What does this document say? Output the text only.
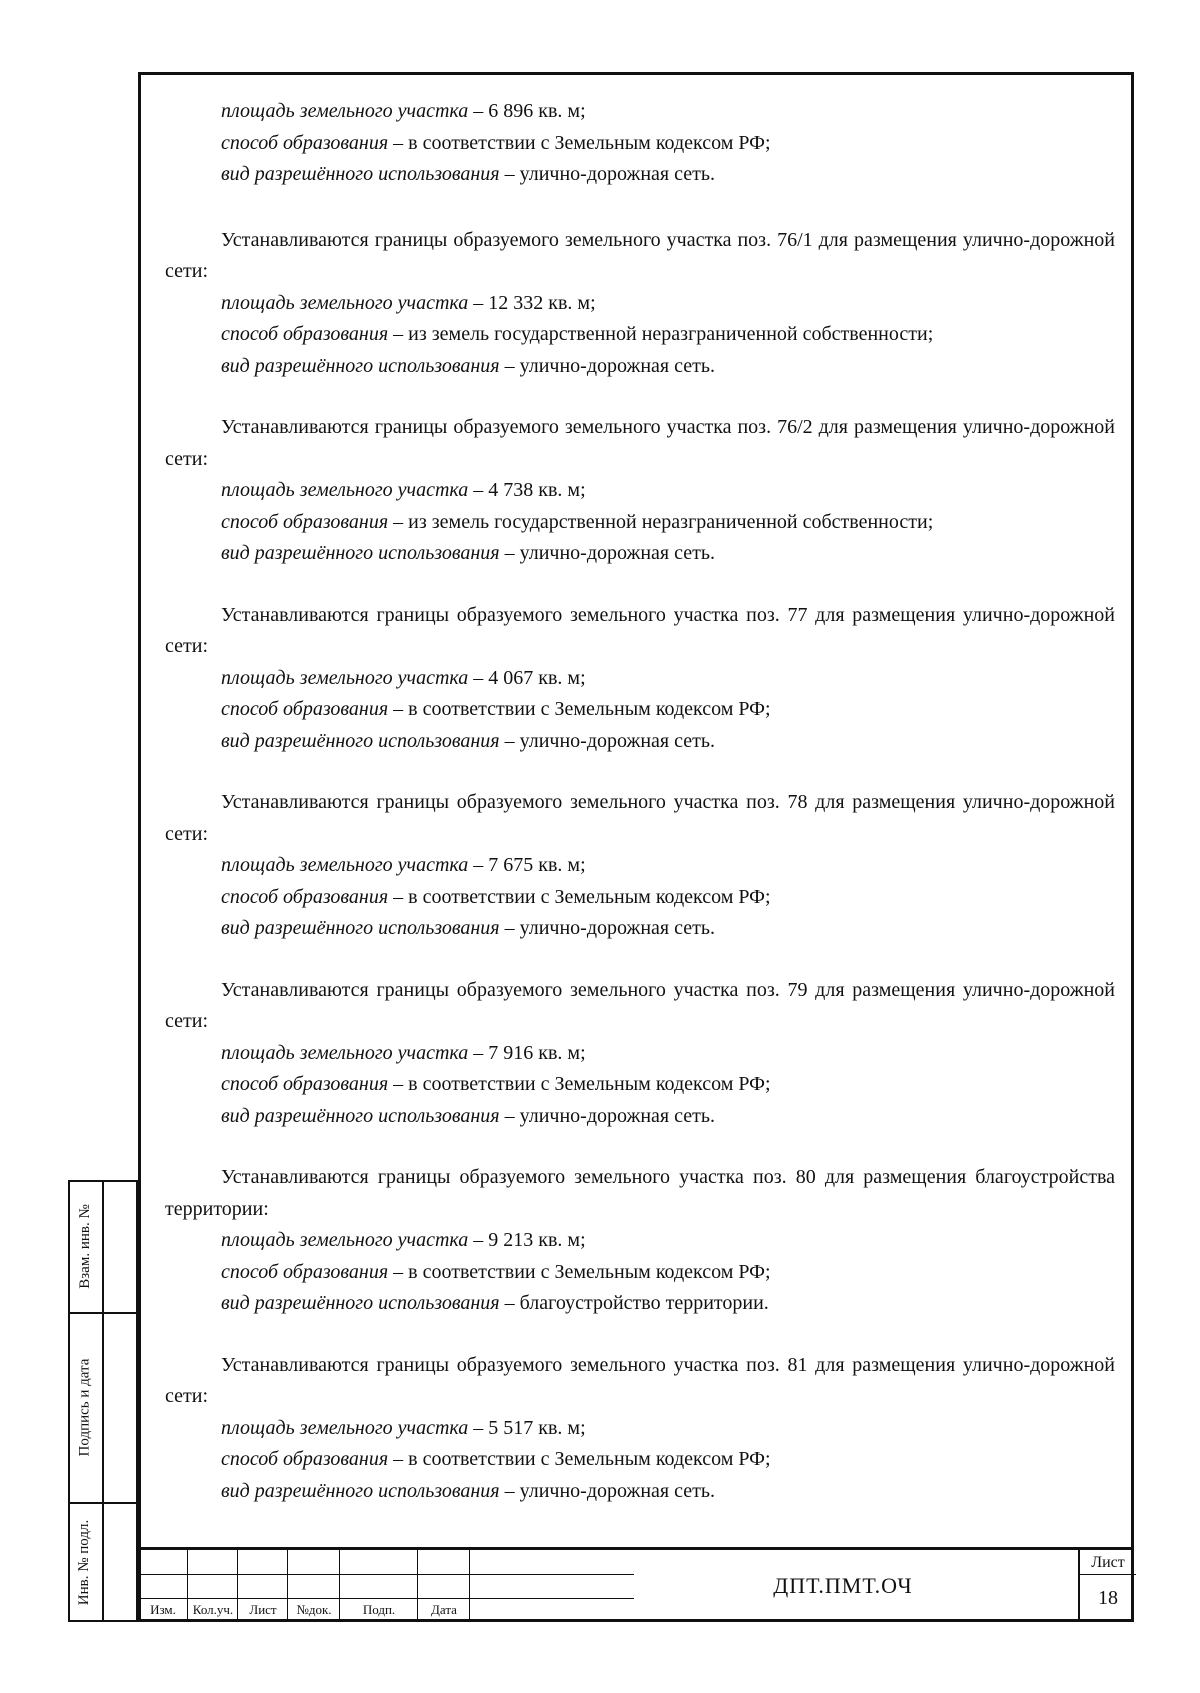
Взам. инв. №
Подпись и дата
Инв. № подл.
площадь земельного участка – 6 896 кв. м;
способ образования – в соответствии с Земельным кодексом РФ;
вид разрешённого использования – улично-дорожная сеть.
Устанавливаются границы образуемого земельного участка поз. 76/1 для размещения улично-дорожной сети:
площадь земельного участка – 12 332 кв. м;
способ образования – из земель государственной неразграниченной собственности;
вид разрешённого использования – улично-дорожная сеть.
Устанавливаются границы образуемого земельного участка поз. 76/2 для размещения улично-дорожной сети:
площадь земельного участка – 4 738 кв. м;
способ образования – из земель государственной неразграниченной собственности;
вид разрешённого использования – улично-дорожная сеть.
Устанавливаются границы образуемого земельного участка поз. 77 для размещения улично-дорожной сети:
площадь земельного участка – 4 067 кв. м;
способ образования – в соответствии с Земельным кодексом РФ;
вид разрешённого использования – улично-дорожная сеть.
Устанавливаются границы образуемого земельного участка поз. 78 для размещения улично-дорожной сети:
площадь земельного участка – 7 675 кв. м;
способ образования – в соответствии с Земельным кодексом РФ;
вид разрешённого использования – улично-дорожная сеть.
Устанавливаются границы образуемого земельного участка поз. 79 для размещения улично-дорожной сети:
площадь земельного участка – 7 916 кв. м;
способ образования – в соответствии с Земельным кодексом РФ;
вид разрешённого использования – улично-дорожная сеть.
Устанавливаются границы образуемого земельного участка поз. 80 для размещения благоустройства территории:
площадь земельного участка – 9 213 кв. м;
способ образования – в соответствии с Земельным кодексом РФ;
вид разрешённого использования – благоустройство территории.
Устанавливаются границы образуемого земельного участка поз. 81 для размещения улично-дорожной сети:
площадь земельного участка – 5 517 кв. м;
способ образования – в соответствии с Земельным кодексом РФ;
вид разрешённого использования – улично-дорожная сеть.
Изм.	Кол.уч.	Лист	№док.	Подп.	Дата
ДПТ.ПМТ.ОЧ
Лист
18
